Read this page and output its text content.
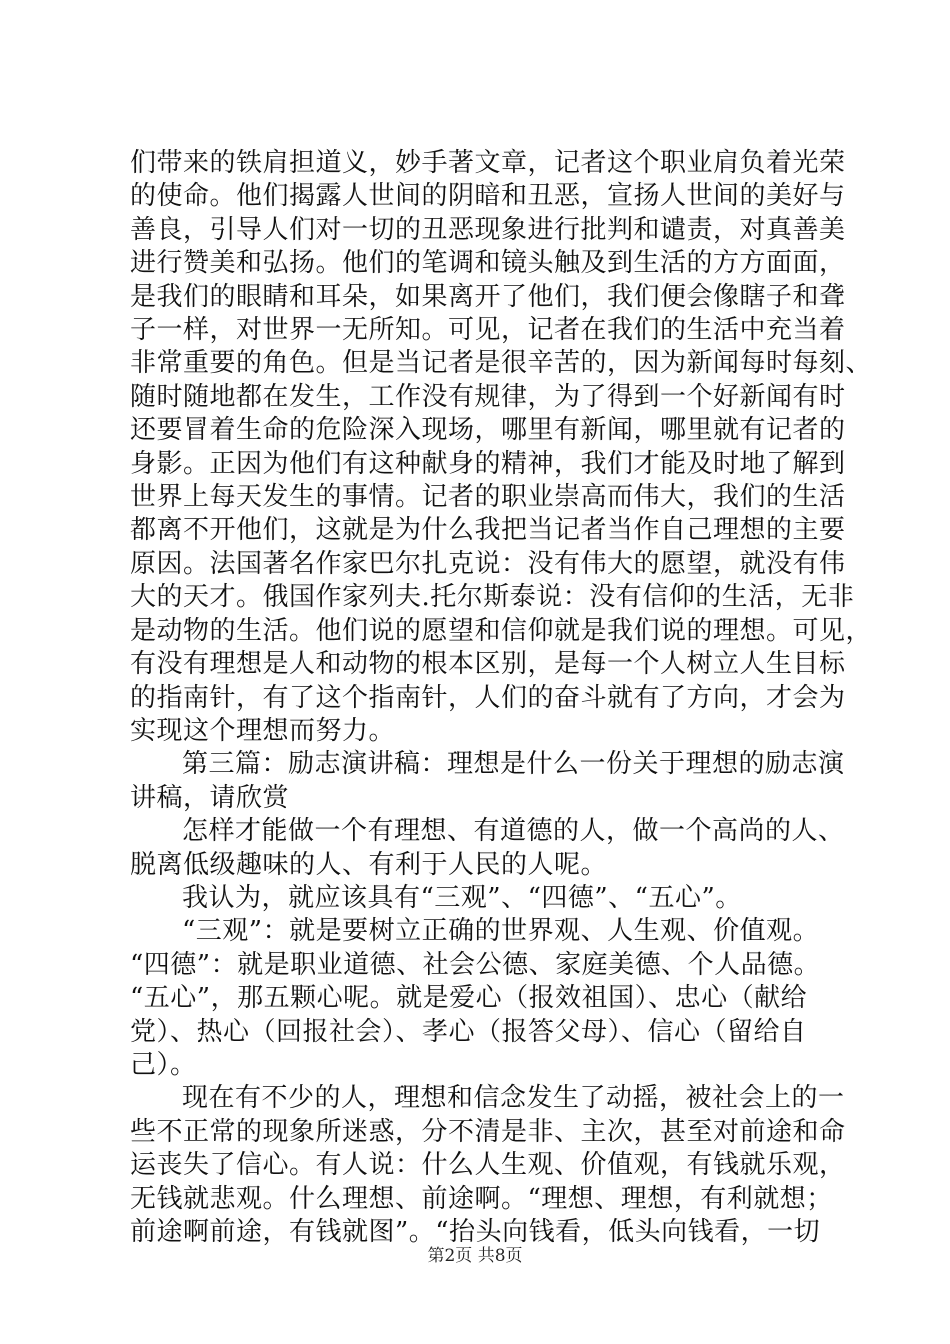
们带来的铁肩担道义，妙手著文章，记者这个职业肩负着光荣
的使命。他们揭露人世间的阴暗和丑恶，宣扬人世间的美好与
善良，引导人们对一切的丑恶现象进行批判和谴责，对真善美
进行赞美和弘扬。他们的笔调和镜头触及到生活的方方面面，
是我们的眼睛和耳朵，如果离开了他们，我们便会像瞎子和聋
子一样，对世界一无所知。可见，记者在我们的生活中充当着
非常重要的角色。但是当记者是很辛苦的，因为新闻每时每刻、
随时随地都在发生，工作没有规律，为了得到一个好新闻有时
还要冒着生命的危险深入现场，哪里有新闻，哪里就有记者的
身影。正因为他们有这种献身的精神，我们才能及时地了解到
世界上每天发生的事情。记者的职业崇高而伟大，我们的生活
都离不开他们，这就是为什么我把当记者当作自己理想的主要
原因。法国著名作家巴尔扎克说：没有伟大的愿望，就没有伟
大的天才。俄国作家列夫.托尔斯泰说：没有信仰的生活，无非
是动物的生活。他们说的愿望和信仰就是我们说的理想。可见，
有没有理想是人和动物的根本区别，是每一个人树立人生目标
的指南针，有了这个指南针，人们的奋斗就有了方向，才会为
实现这个理想而努力。
第三篇：励志演讲稿：理想是什么一份关于理想的励志演
讲稿，请欣赏
怎样才能做一个有理想、有道德的人，做一个高尚的人、
脱离低级趣味的人、有利于人民的人呢。
我认为，就应该具有“三观”、“四德”、“五心”。
“三观”：就是要树立正确的世界观、人生观、价值观。
“四德”：就是职业道德、社会公德、家庭美德、个人品德。
“五心”，那五颗心呢。就是爱心（报效祖国）、忠心（献给
党）、热心（回报社会）、孝心（报答父母）、信心（留给自
己）。
现在有不少的人，理想和信念发生了动摇，被社会上的一
些不正常的现象所迷惑，分不清是非、主次，甚至对前途和命
运丧失了信心。有人说：什么人生观、价值观，有钱就乐观，
无钱就悲观。什么理想、前途啊。“理想、理想，有利就想；
前途啊前途，有钱就图”。“抬头向钱看，低头向钱看，一切
第2页 共8页
